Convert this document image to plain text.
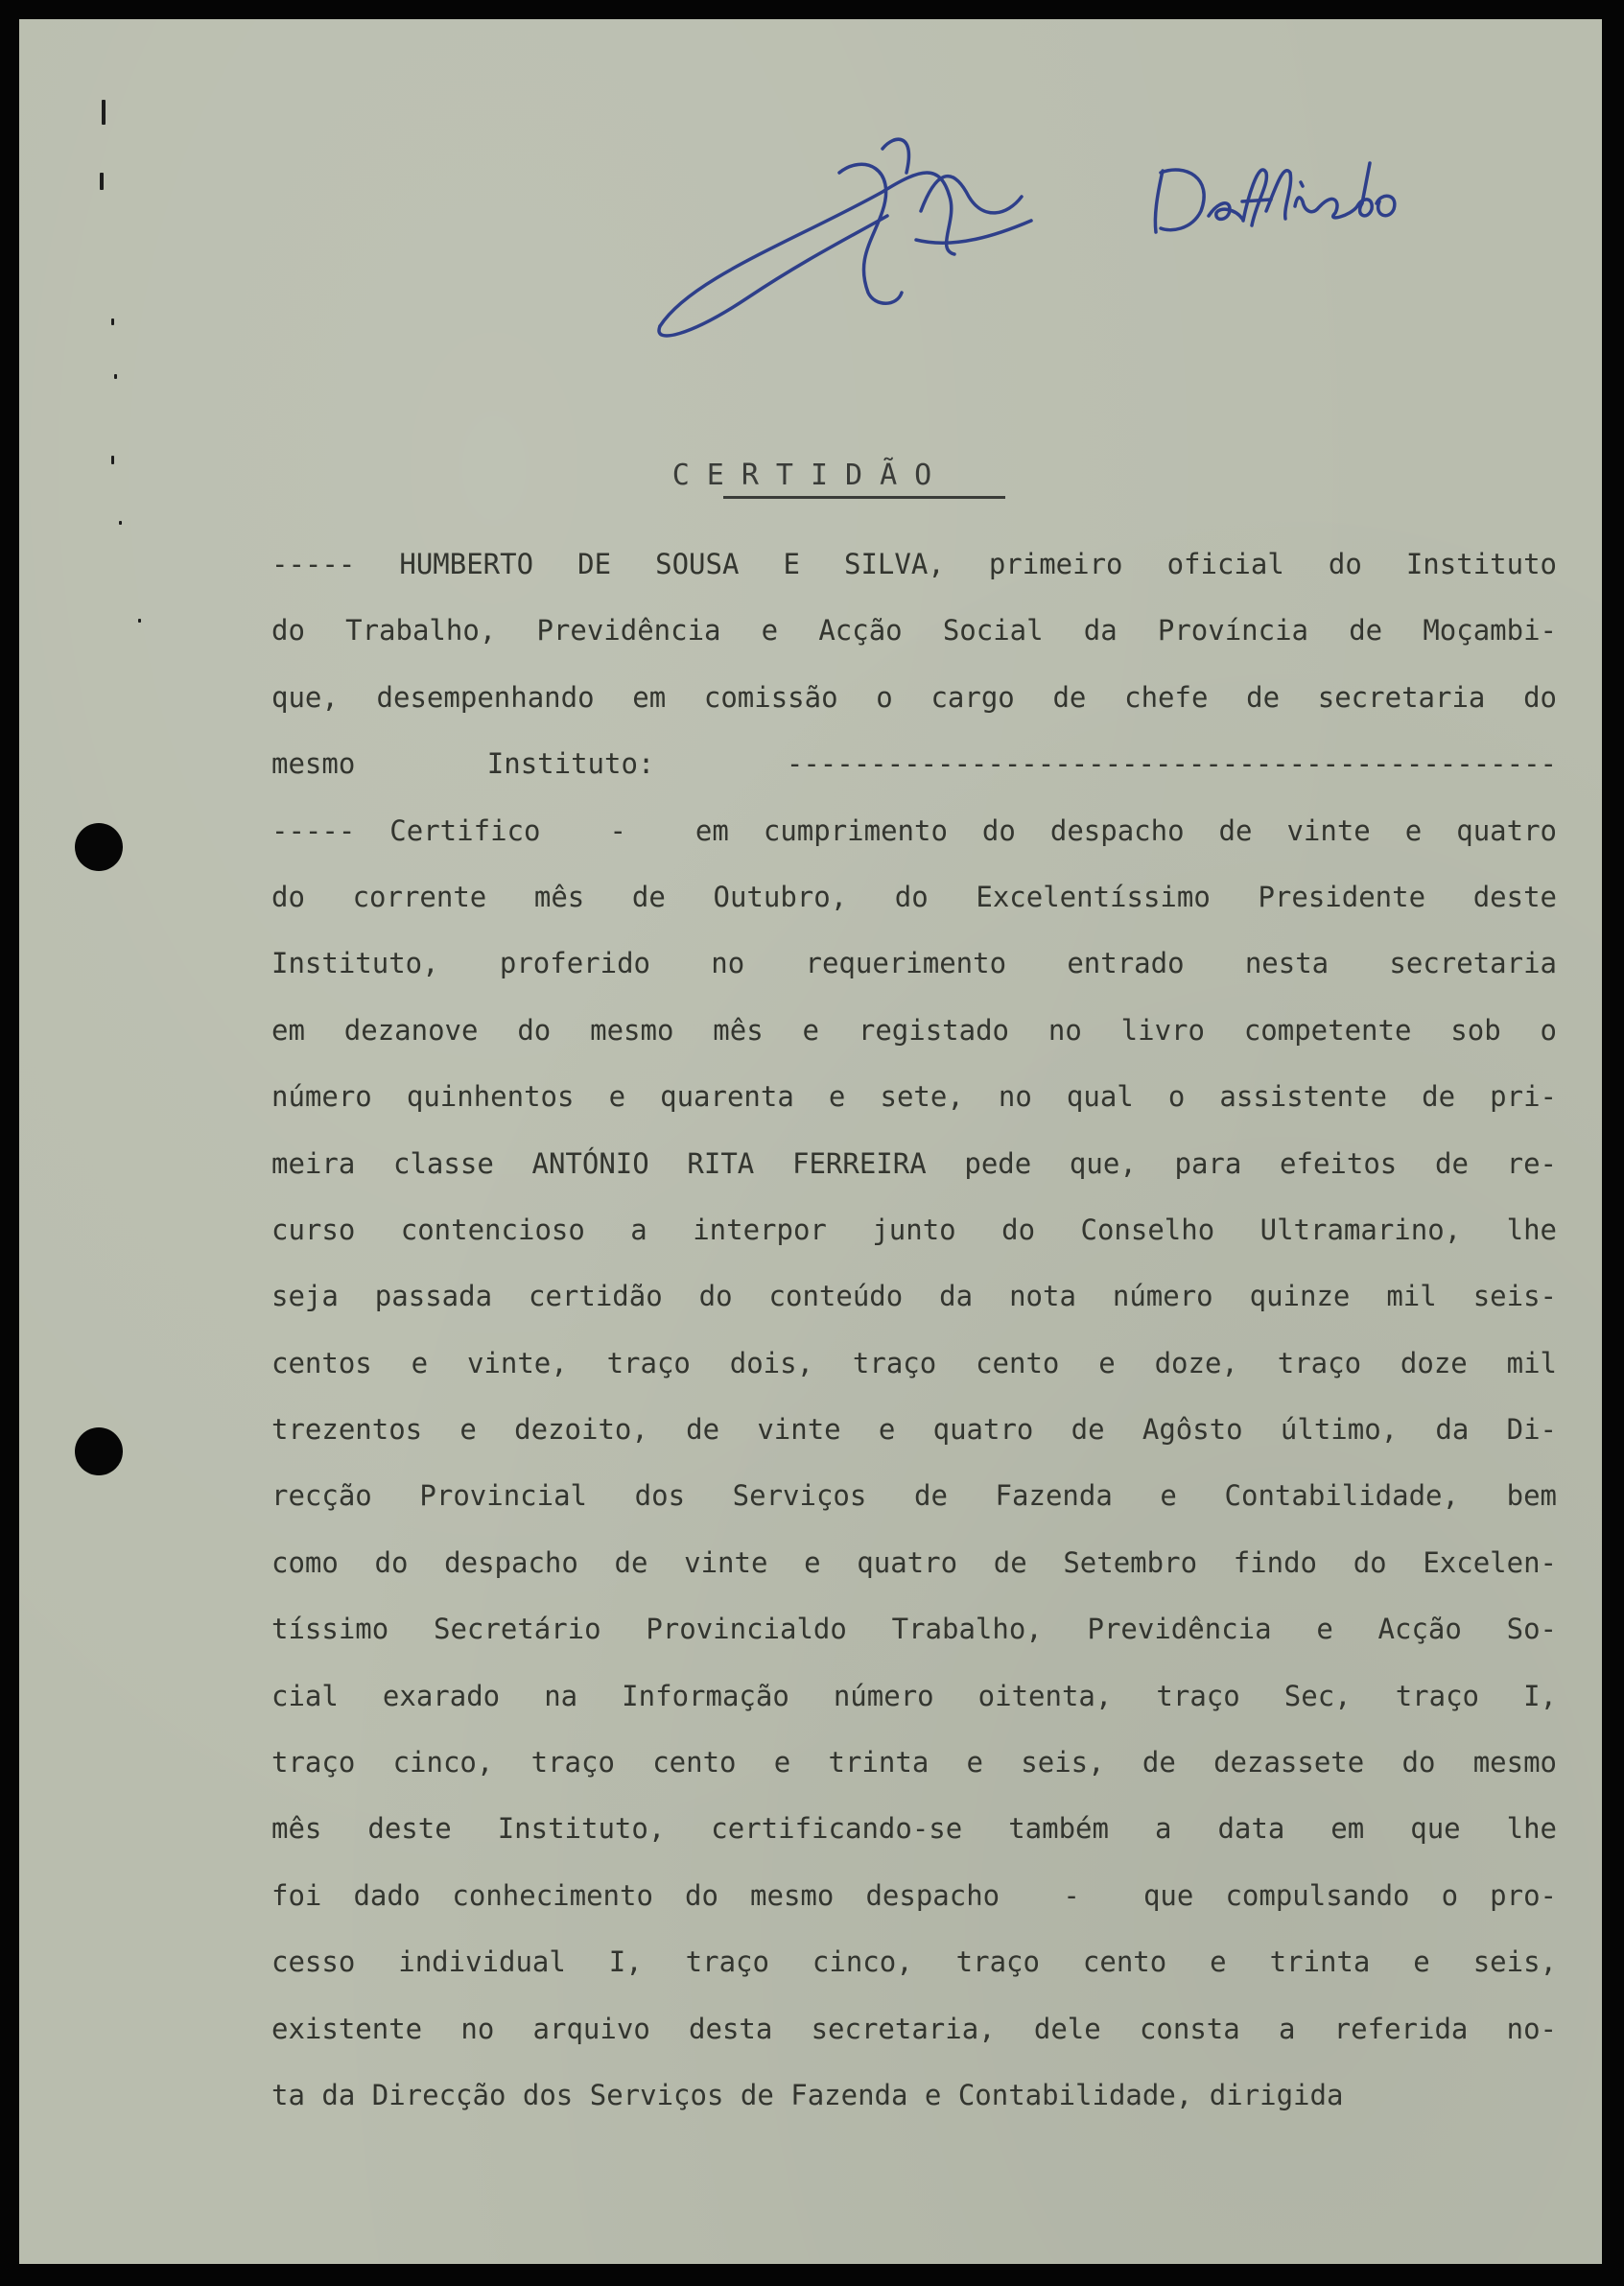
CERTIDÃO
----- HUMBERTO DE SOUSA E SILVA, primeiro oficial do Instituto
do Trabalho, Previdência e Acção Social da Província de Moçambi-
que, desempenhando em comissão o cargo de chefe de secretaria do
mesmo Instituto: ----------------------------------------------
----- Certifico  -  em cumprimento do despacho de vinte e quatro
do corrente mês de Outubro, do Excelentíssimo Presidente deste
Instituto, proferido no requerimento entrado nesta secretaria
em dezanove do mesmo mês e registado no livro competente sob o
número quinhentos e quarenta e sete, no qual o assistente de pri-
meira classe ANTÓNIO RITA FERREIRA pede que, para efeitos de re-
curso contencioso a interpor junto do Conselho Ultramarino, lhe
seja passada certidão do conteúdo da nota número quinze mil seis-
centos e vinte, traço dois, traço cento e doze, traço doze mil
trezentos e dezoito, de vinte e quatro de Agôsto último, da Di-
recção Provincial dos Serviços de Fazenda e Contabilidade, bem
como do despacho de vinte e quatro de Setembro findo do Excelen-
tíssimo Secretário Provincialdo Trabalho, Previdência e Acção So-
cial exarado na Informação número oitenta, traço Sec, traço I,
traço cinco, traço cento e trinta e seis, de dezassete do mesmo
mês deste Instituto, certificando-se também a data em que lhe
foi dado conhecimento do mesmo despacho  -  que compulsando o pro-
cesso individual I, traço cinco, traço cento e trinta e seis,
existente no arquivo desta secretaria, dele consta a referida no-
ta da Direcção dos Serviços de Fazenda e Contabilidade, dirigida
